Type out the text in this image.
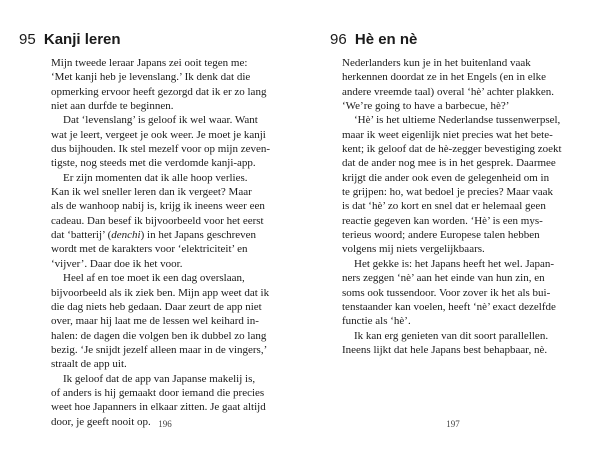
95 Kanji leren
Mijn tweede leraar Japans zei ooit tegen me:
‘Met kanji heb je levenslang.’ Ik denk dat die
opmerking ervoor heeft gezorgd dat ik er zo lang
niet aan durfde te beginnen.
Dat ‘levenslang’ is geloof ik wel waar. Want
wat je leert, vergeet je ook weer. Je moet je kanji
dus bijhouden. Ik stel mezelf voor op mijn zeven-
tigste, nog steeds met die verdomde kanji-app.
Er zijn momenten dat ik alle hoop verlies.
Kan ik wel sneller leren dan ik vergeet? Maar
als de wanhoop nabij is, krijg ik ineens weer een
cadeau. Dan besef ik bijvoorbeeld voor het eerst
dat ‘batterij’ (denchi) in het Japans geschreven
wordt met de karakters voor ‘elektriciteit’ en
‘vijver’. Daar doe ik het voor.
Heel af en toe moet ik een dag overslaan,
bijvoorbeeld als ik ziek ben. Mijn app weet dat ik
die dag niets heb gedaan. Daar zeurt de app niet
over, maar hij laat me de lessen wel keihard in-
halen: de dagen die volgen ben ik dubbel zo lang
bezig. ‘Je snijdt jezelf alleen maar in de vingers,’
straalt de app uit.
Ik geloof dat de app van Japanse makelij is,
of anders is hij gemaakt door iemand die precies
weet hoe Japanners in elkaar zitten. Je gaat altijd
door, je geeft nooit op. 196
96 Hè en nè
Nederlanders kun je in het buitenland vaak
herkennen doordat ze in het Engels (en in elke
andere vreemde taal) overal ‘hè’ achter plakken.
‘We’re going to have a barbecue, hè?’
‘Hè’ is het ultieme Nederlandse tussenwerpsel,
maar ik weet eigenlijk niet precies wat het bete-
kent; ik geloof dat de hè-zegger bevestiging zoekt
dat de ander nog mee is in het gesprek. Daarmee
krijgt die ander ook even de gelegenheid om in
te grijpen: ho, wat bedoel je precies? Maar vaak
is dat ‘hè’ zo kort en snel dat er helemaal geen
reactie gegeven kan worden. ‘Hè’ is een mys-
terieus woord; andere Europese talen hebben
volgens mij niets vergelijkbaars.
Het gekke is: het Japans heeft het wel. Japan-
ners zeggen ‘nè’ aan het einde van hun zin, en
soms ook tussendoor. Voor zover ik het als bui-
tenstaander kan voelen, heeft ‘nè’ exact dezelfde
functie als ‘hè’.
Ik kan erg genieten van dit soort parallellen.
Ineens lijkt dat hele Japans best behapbaar, nè.
197
